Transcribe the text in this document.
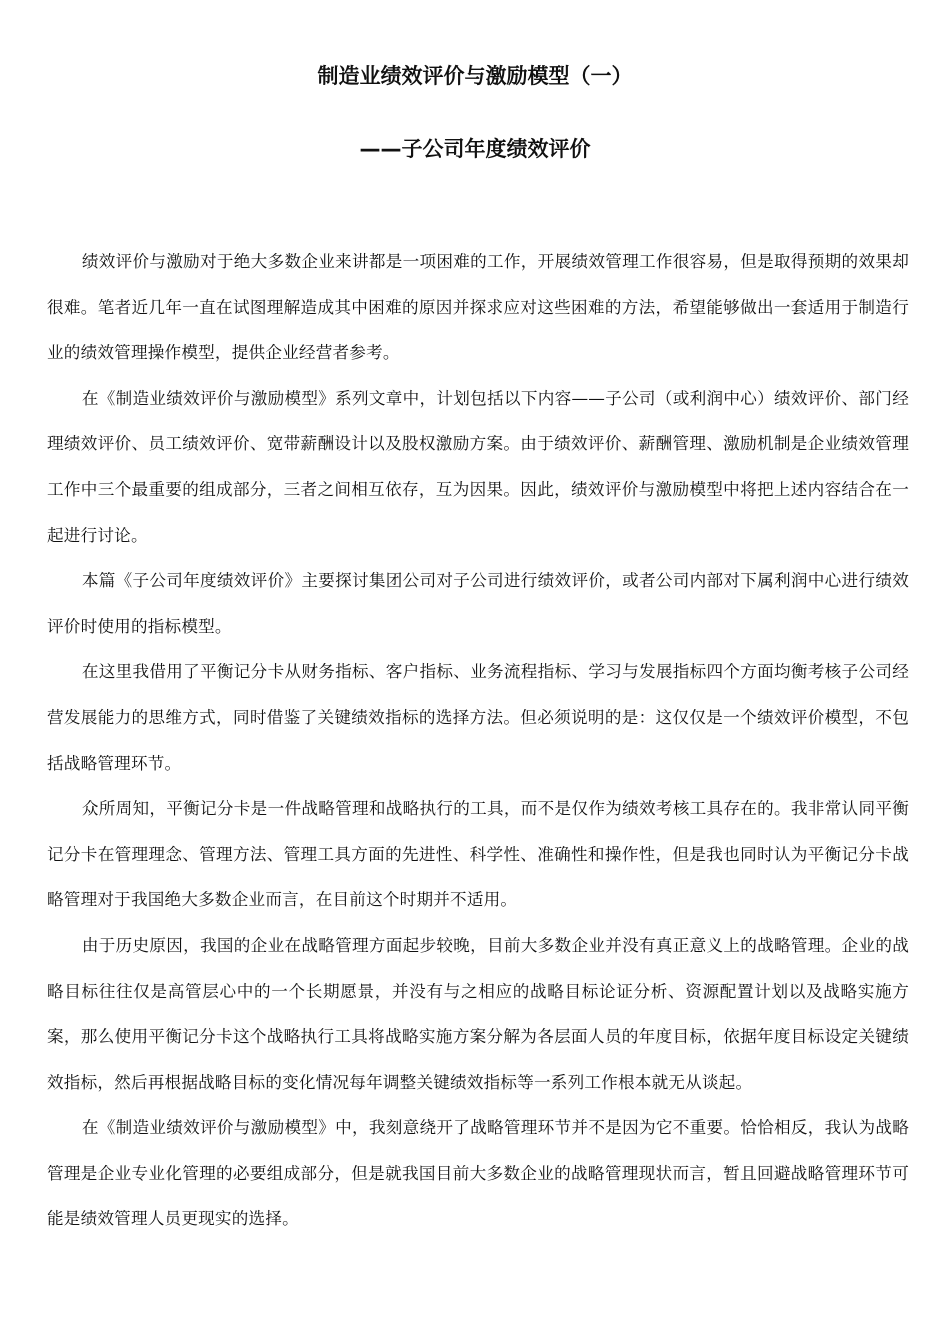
制造业绩效评价与激励模型（一）
——子公司年度绩效评价

绩效评价与激励对于绝大多数企业来讲都是一项困难的工作，开展绩效管理工作很容易，但是取得预期的效果却很难。笔者近几年一直在试图理解造成其中困难的原因并探求应对这些困难的方法，希望能够做出一套适用于制造行业的绩效管理操作模型，提供企业经营者参考。

在《制造业绩效评价与激励模型》系列文章中，计划包括以下内容——子公司（或利润中心）绩效评价、部门经理绩效评价、员工绩效评价、宽带薪酬设计以及股权激励方案。由于绩效评价、薪酬管理、激励机制是企业绩效管理工作中三个最重要的组成部分，三者之间相互依存，互为因果。因此，绩效评价与激励模型中将把上述内容结合在一起进行讨论。

本篇《子公司年度绩效评价》主要探讨集团公司对子公司进行绩效评价，或者公司内部对下属利润中心进行绩效评价时使用的指标模型。

在这里我借用了平衡记分卡从财务指标、客户指标、业务流程指标、学习与发展指标四个方面均衡考核子公司经营发展能力的思维方式，同时借鉴了关键绩效指标的选择方法。但必须说明的是：这仅仅是一个绩效评价模型，不包括战略管理环节。

众所周知，平衡记分卡是一件战略管理和战略执行的工具，而不是仅作为绩效考核工具存在的。我非常认同平衡记分卡在管理理念、管理方法、管理工具方面的先进性、科学性、准确性和操作性，但是我也同时认为平衡记分卡战略管理对于我国绝大多数企业而言，在目前这个时期并不适用。

由于历史原因，我国的企业在战略管理方面起步较晚，目前大多数企业并没有真正意义上的战略管理。企业的战略目标往往仅是高管层心中的一个长期愿景，并没有与之相应的战略目标论证分析、资源配置计划以及战略实施方案，那么使用平衡记分卡这个战略执行工具将战略实施方案分解为各层面人员的年度目标，依据年度目标设定关键绩效指标，然后再根据战略目标的变化情况每年调整关键绩效指标等一系列工作根本就无从谈起。

在《制造业绩效评价与激励模型》中，我刻意绕开了战略管理环节并不是因为它不重要。恰恰相反，我认为战略管理是企业专业化管理的必要组成部分，但是就我国目前大多数企业的战略管理现状而言，暂且回避战略管理环节可能是绩效管理人员更现实的选择。
